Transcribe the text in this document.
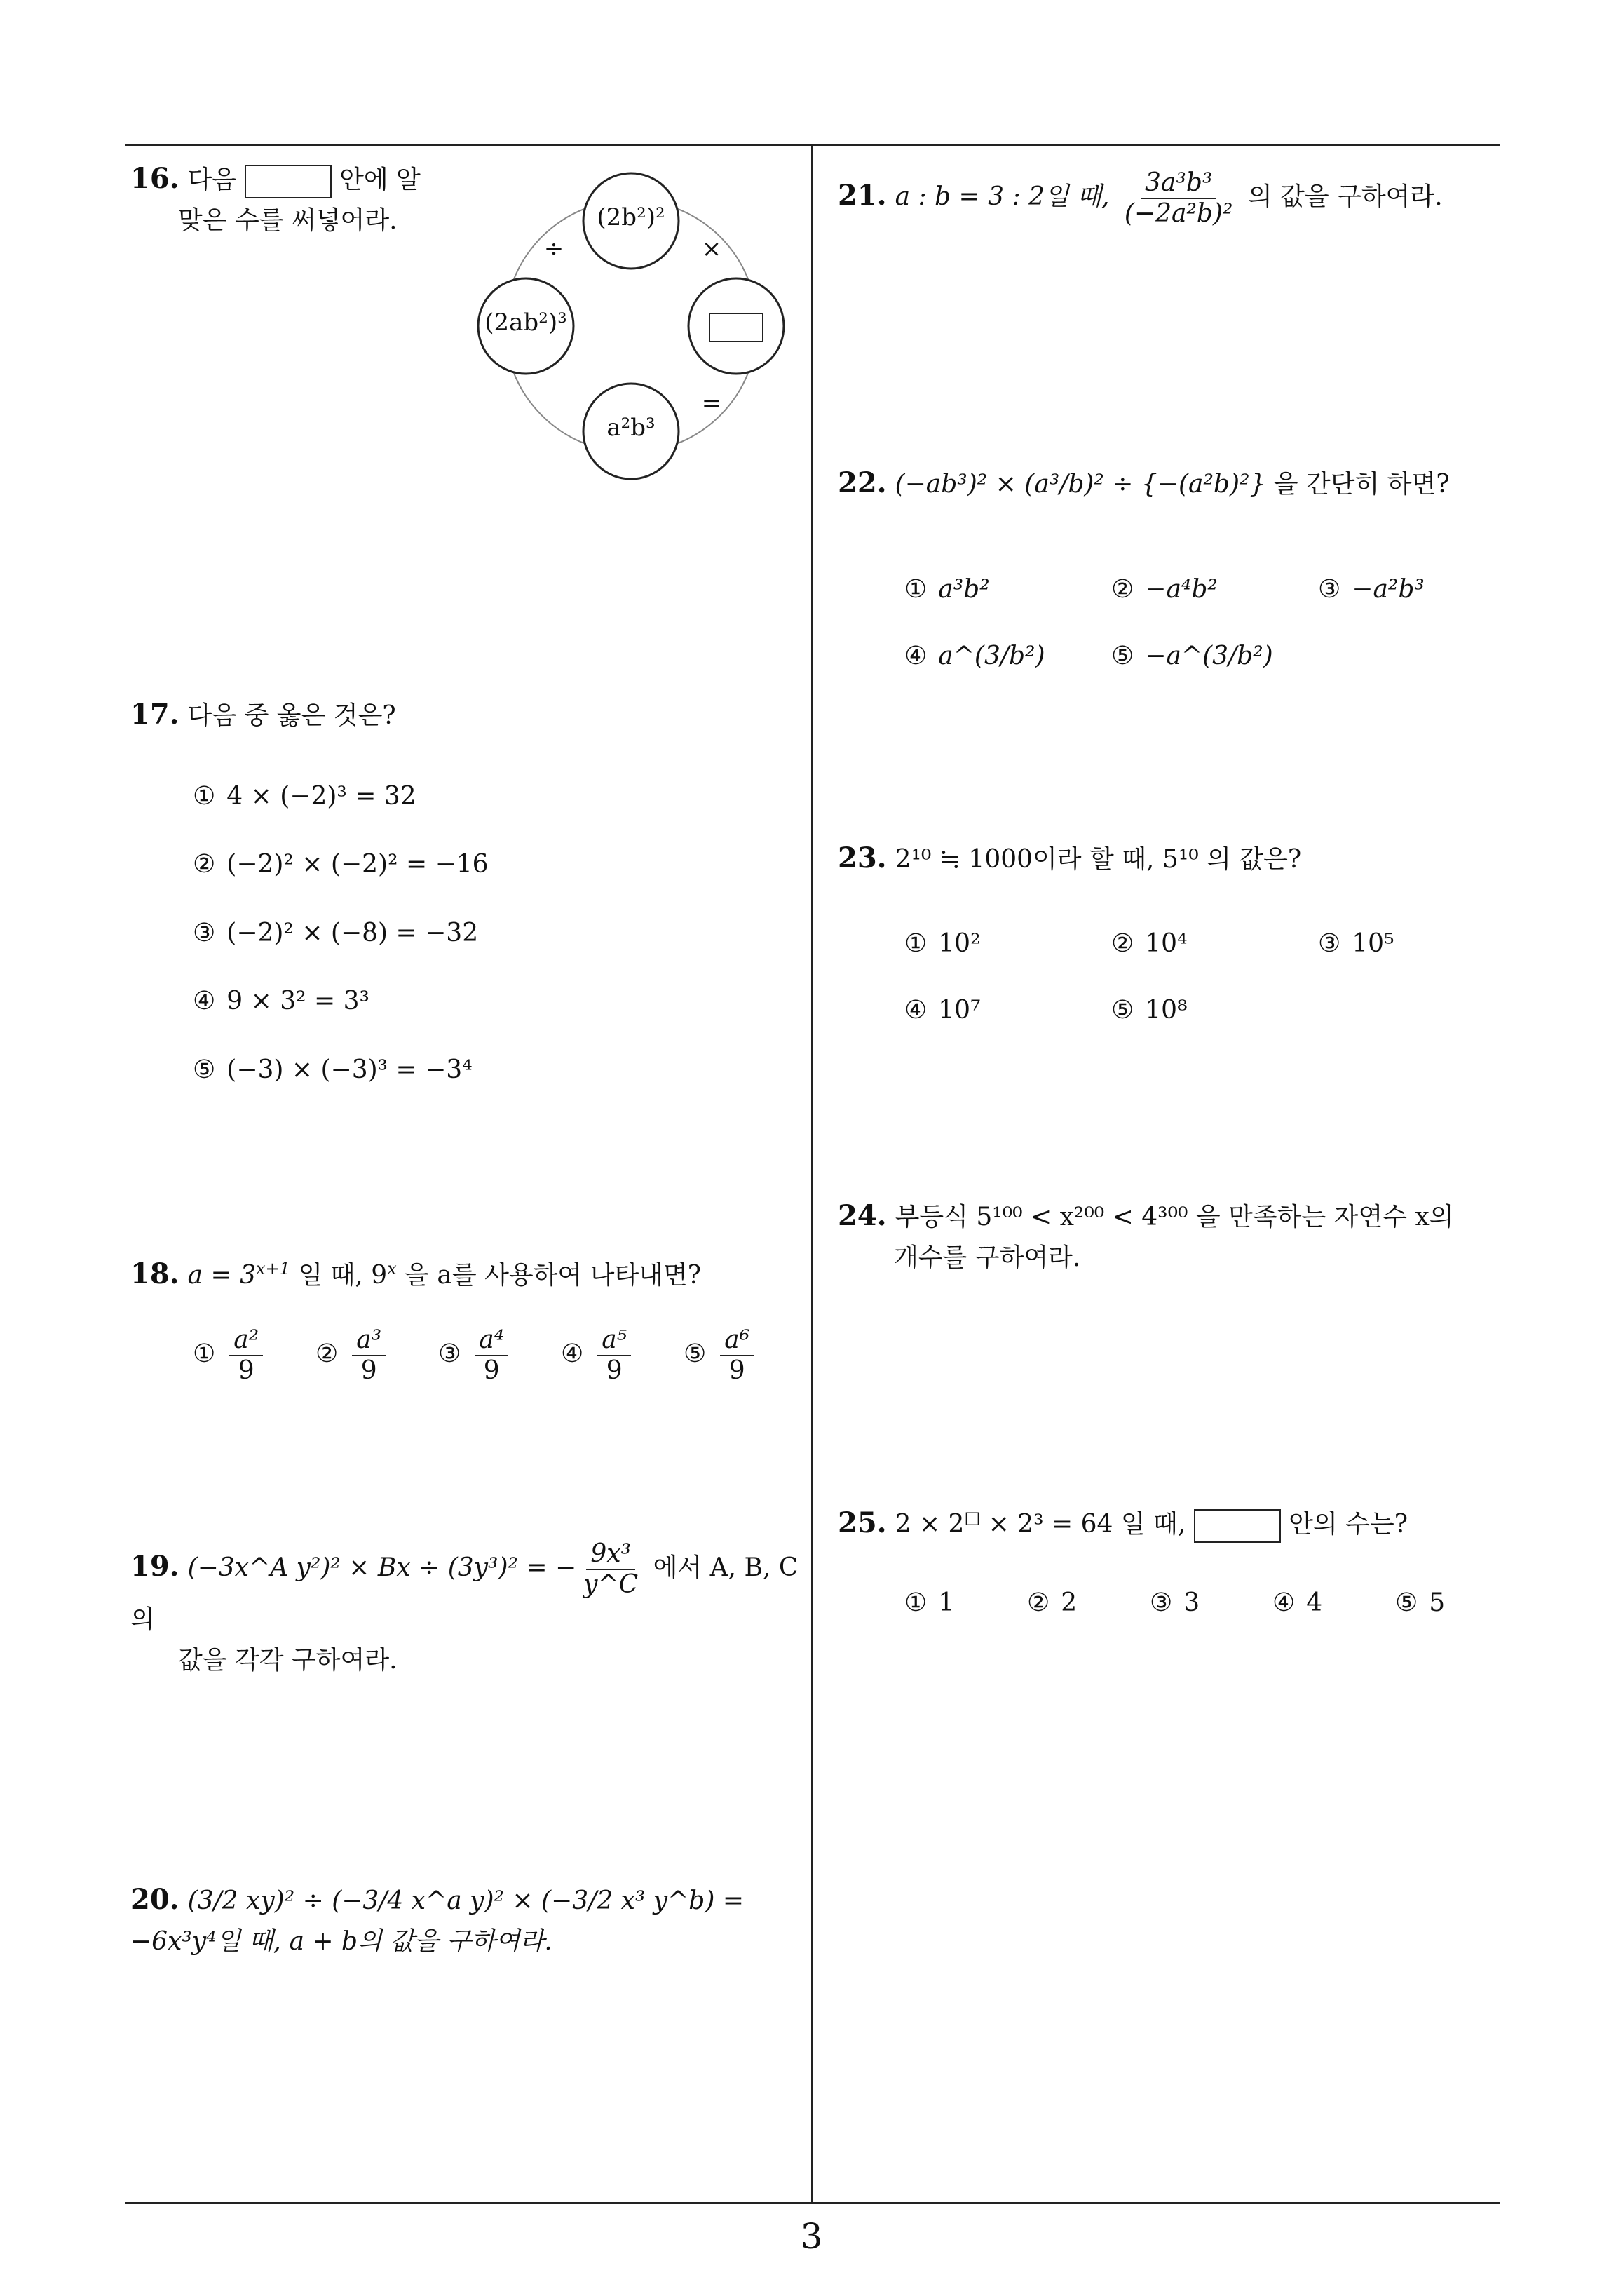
3
16. 다음	안에 알
맞은 수를 써넣어라.	(2b²)²
(2ab²)³
a²b³
÷	×
=
17. 다음 중 옳은 것은?
① 4 × (−2)³ = 32
② (−2)² × (−2)² = −16
③ (−2)² × (−8) = −32
④ 9 × 3² = 3³
⑤ (−3) × (−3)³ = −3⁴
18. $a = 3^{x+1}$ 일 때, 9$^x$ 을 a를 사용하여 나타내면?
① $\frac{\text{a²}}{9}$ ② $\frac{\text{a³}}{9}$ ③ $\frac{\text{a⁴}}{9}$ ④ $\frac{\text{a⁵}}{9}$ ⑤ $\frac{\text{a⁶}}{9}$
19. (−3x^A y²)² × Bx ÷ (3y³)² = − $\frac{\text{9x³}}{y\^{}C}$ 에서 A, B, C 의
값을 각각 구하여라.
20. (3/2 xy)² ÷ (−3/4 x^a y)² × (−3/2 x³ y^b) =
−6x³y⁴일 때, a + b의 값을 구하여라.
21. a : b = 3 : 2일 때, $\frac{\text{3a³b³}}{\text{(−2a²b)²}}$ 의 값을 구하여라.
22. (−ab³)² × (a³/b)² ÷ {−(a²b)²} 을 간단히 하면?
① a³b²	② −a⁴b²	③ −a²b³
④ a^(3/b²)	⑤ −a^(3/b²)
23. 2¹⁰ ≒ 1000이라 할 때, 5¹⁰ 의 값은?
① 10²	② 10⁴	③ 10⁵
④ 10⁷	⑤ 10⁸
24. 부등식 5¹⁰⁰ < x²⁰⁰ < 4³⁰⁰ 을 만족하는 자연수 x의
개수를 구하여라.
25. 2 × 2□ × 2³ = 64 일 때,	안의 수는?
① 1	② 2	③ 3	④ 4	⑤ 5
